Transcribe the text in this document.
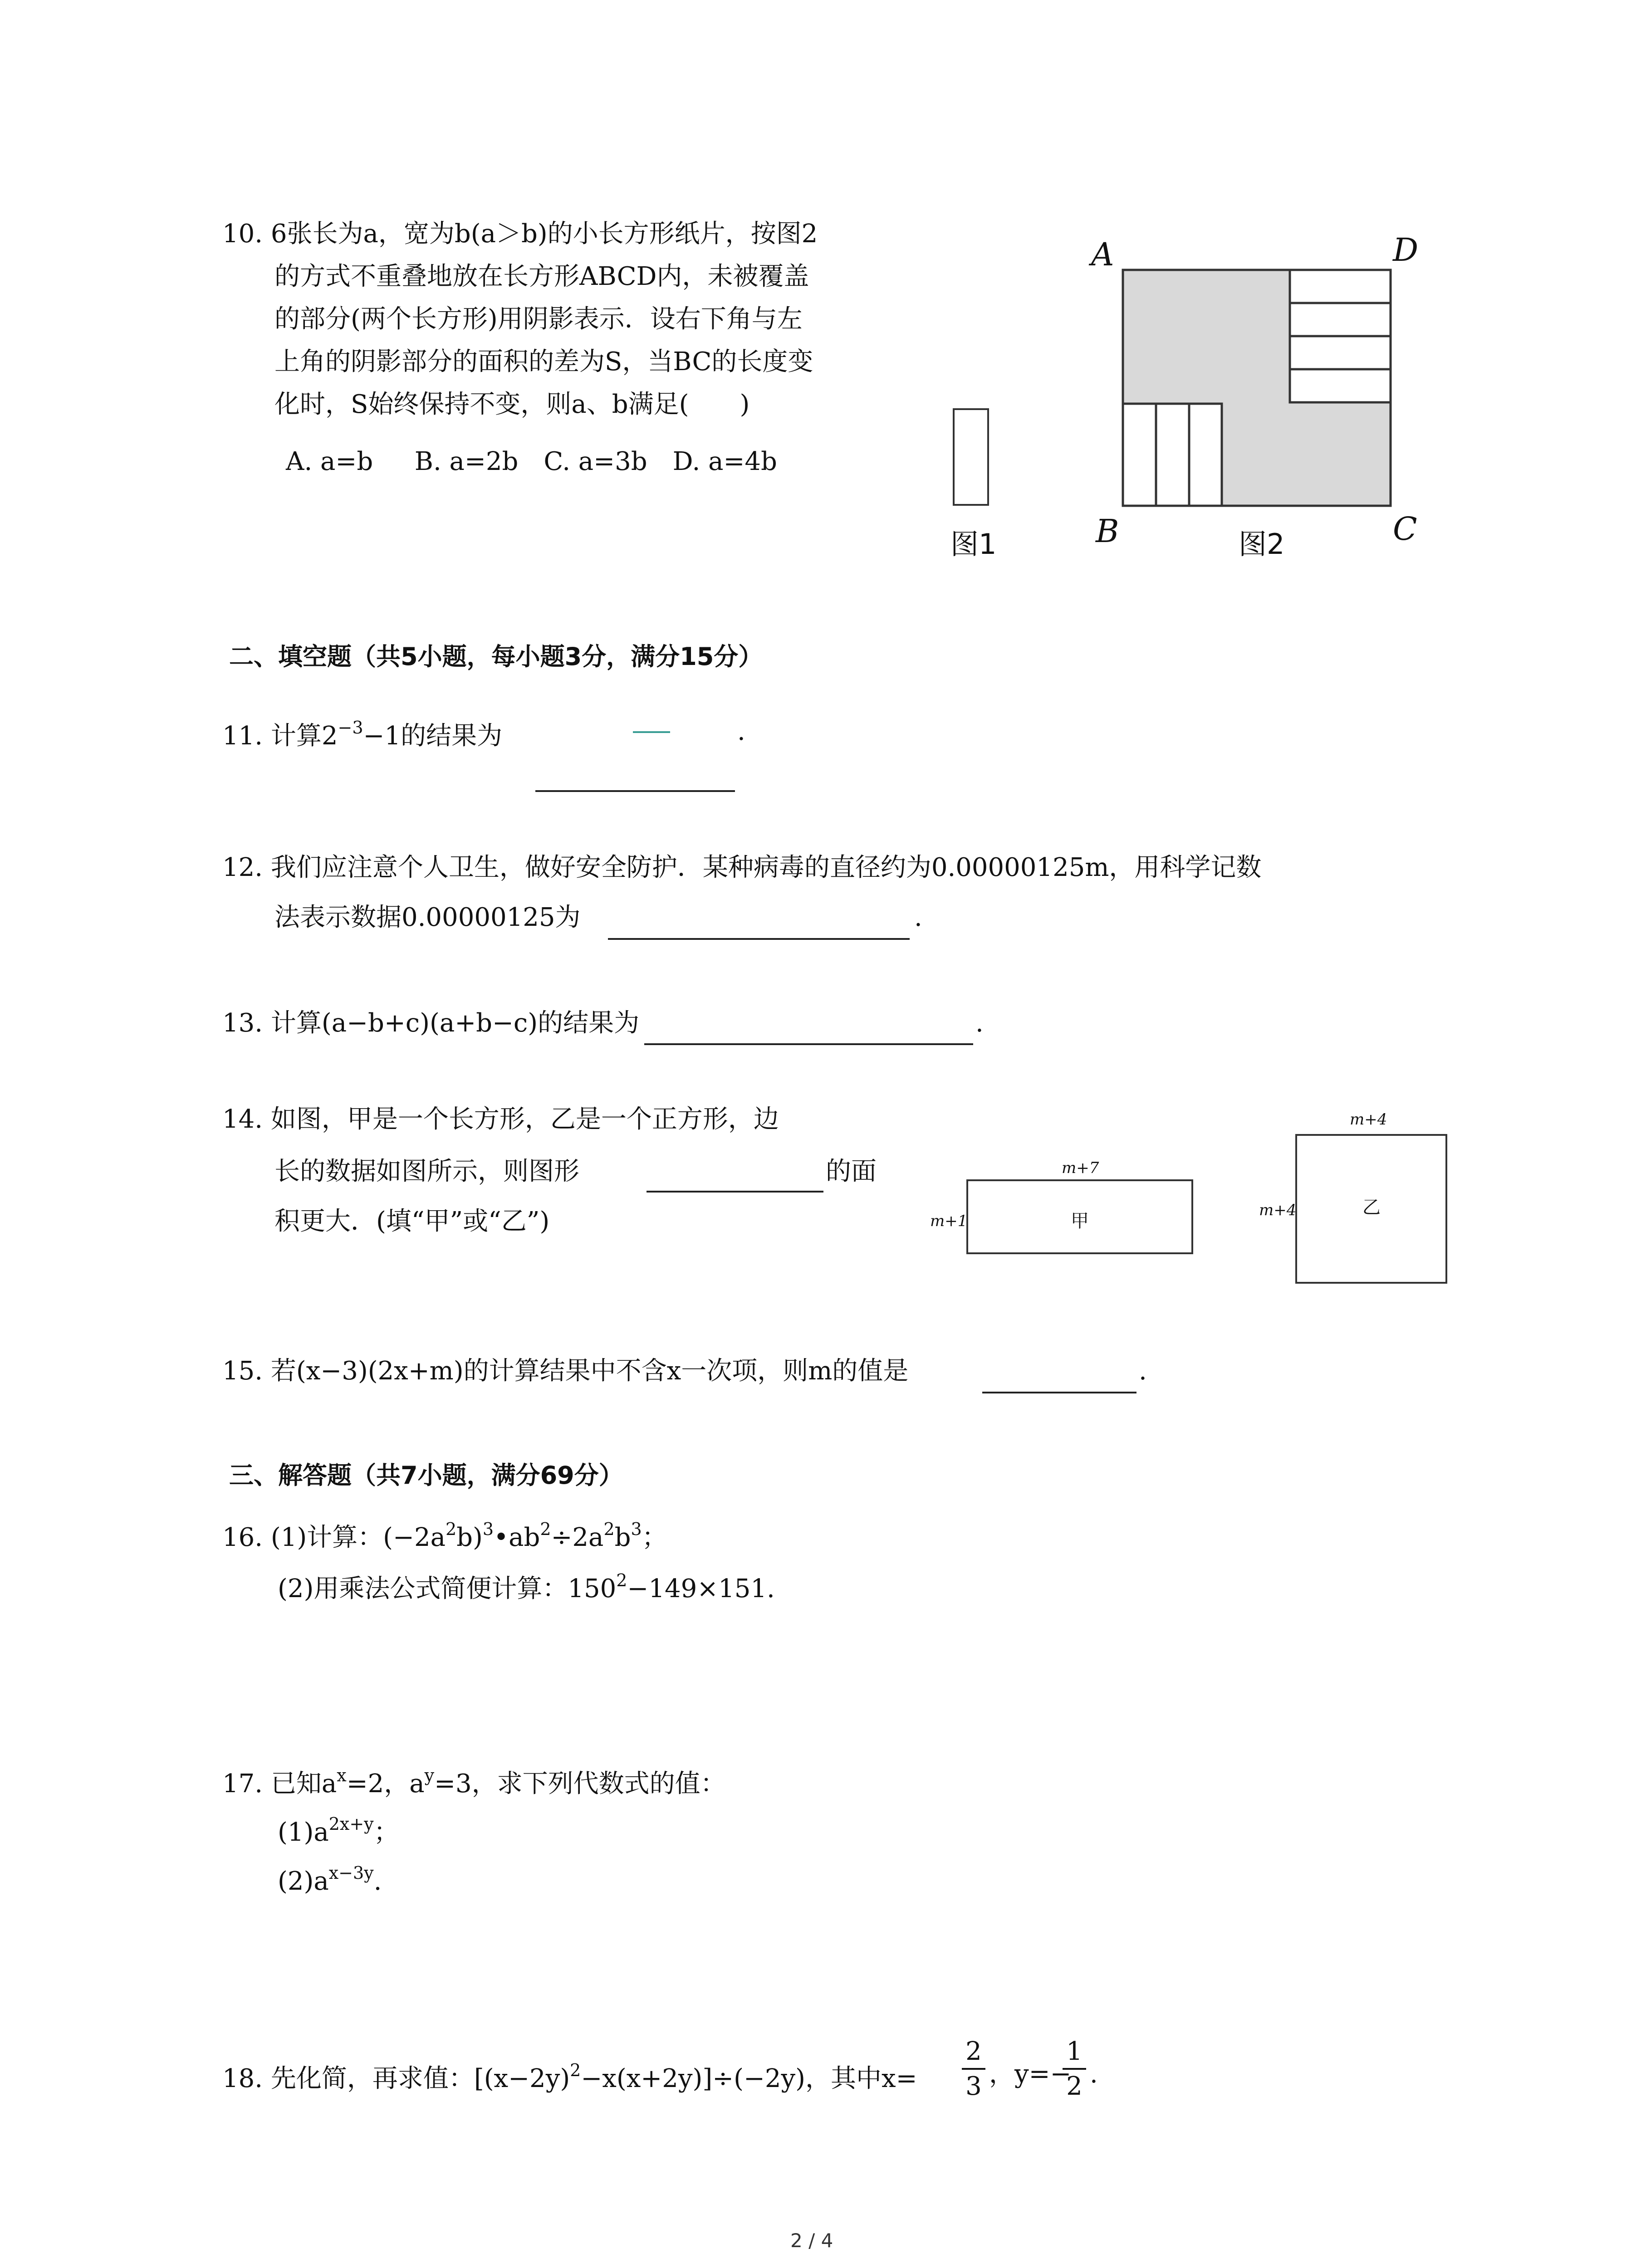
10. 6张长为a，宽为b(a＞b)的小长方形纸片，按图2
的方式不重叠地放在长方形ABCD内，未被覆盖
的部分(两个长方形)用阴影表示．设右下角与左
上角的阴影部分的面积的差为S，当BC的长度变
化时，S始终保持不变，则a、b满足(　　)
A. a=b 　 B. a=2b　C. a=3b　D. a=4b
图1
A	D
B	C
图2
二、填空题（共5小题，每小题3分，满分15分）
11. 计算$2^{-3}-1$的结果为	.
12. 我们应注意个人卫生，做好安全防护．某种病毒的直径约为0.00000125m，用科学记数
法表示数据0.00000125为	.
13. 计算(a−b+c)(a+b−c)的结果为	.
14. 如图，甲是一个长方形，乙是一个正方形，边
长的数据如图所示，则图形	的面
积更大．(填“甲”或“乙”)	甲
m+7
m+1
乙
m+4
m+4
15. 若(x−3)(2x+m)的计算结果中不含x一次项，则m的值是	.
三、解答题（共7小题，满分69分）
16. (1)计算：$(-2a^2b)^3•ab^2\div 2a^2b^3$；
(2)用乘法公式简便计算：$150^2-149\times 151$.
17. 已知$a^x=2$，$a^y=3$，求下列代数式的值：
$(1)a^{2x+y}$；
$(2)a^{x-3y}$.
18. 先化简，再求值：$[(x-2y)^2-x(x+2y)]\div(-2y)$，其中x=
2
3 ，y=−
1
2 .
2 / 4
